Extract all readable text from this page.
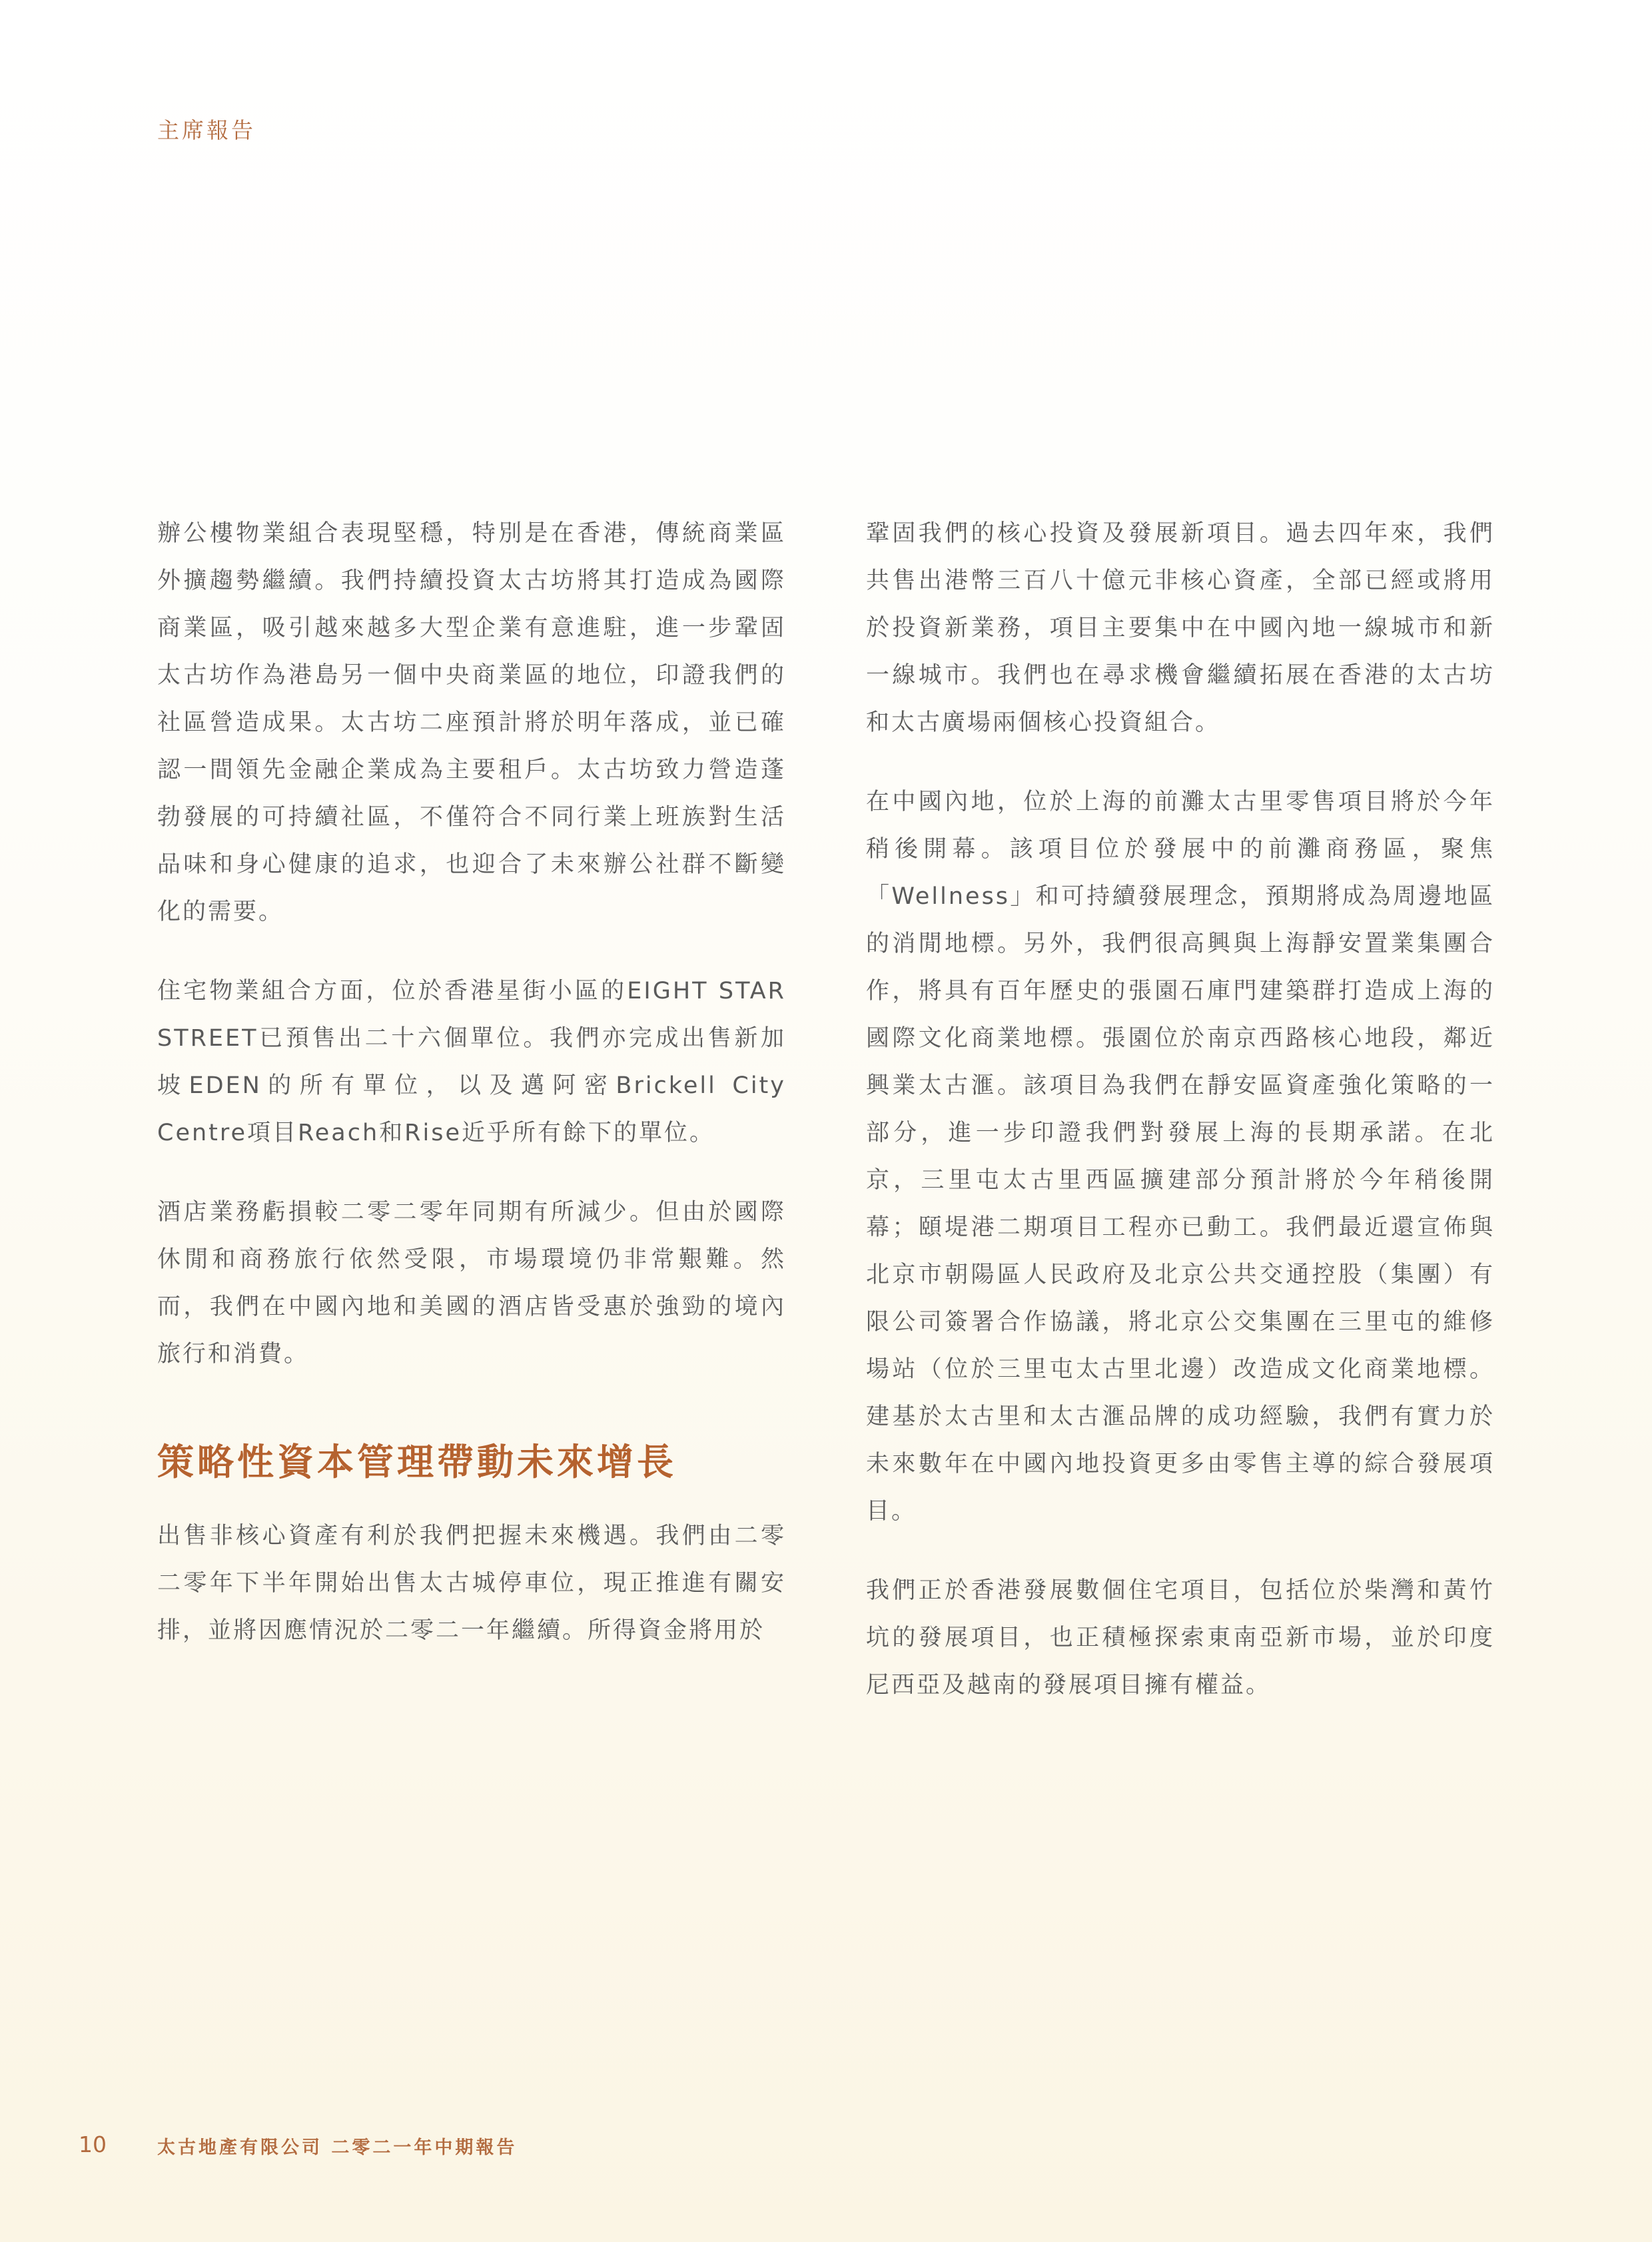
主席報告

辦公樓物業組合表現堅穩，特別是在香港，傳統商業區外擴趨勢繼續。我們持續投資太古坊將其打造成為國際商業區，吸引越來越多大型企業有意進駐，進一步鞏固太古坊作為港島另一個中央商業區的地位，印證我們的社區營造成果。太古坊二座預計將於明年落成，並已確認一間領先金融企業成為主要租戶。太古坊致力營造蓬勃發展的可持續社區，不僅符合不同行業上班族對生活品味和身心健康的追求，也迎合了未來辦公社群不斷變化的需要。

住宅物業組合方面，位於香港星街小區的EIGHT STAR STREET已預售出二十六個單位。我們亦完成出售新加坡EDEN的所有單位，以及邁阿密Brickell City Centre項目Reach和Rise近乎所有餘下的單位。

酒店業務虧損較二零二零年同期有所減少。但由於國際休閒和商務旅行依然受限，市場環境仍非常艱難。然而，我們在中國內地和美國的酒店皆受惠於強勁的境內旅行和消費。

策略性資本管理帶動未來增長

出售非核心資產有利於我們把握未來機遇。我們由二零二零年下半年開始出售太古城停車位，現正推進有關安排，並將因應情況於二零二一年繼續。所得資金將用於

鞏固我們的核心投資及發展新項目。過去四年來，我們共售出港幣三百八十億元非核心資產，全部已經或將用於投資新業務，項目主要集中在中國內地一線城市和新一線城市。我們也在尋求機會繼續拓展在香港的太古坊和太古廣場兩個核心投資組合。

在中國內地，位於上海的前灘太古里零售項目將於今年稍後開幕。該項目位於發展中的前灘商務區，聚焦「Wellness」和可持續發展理念，預期將成為周邊地區的消閒地標。另外，我們很高興與上海靜安置業集團合作，將具有百年歷史的張園石庫門建築群打造成上海的國際文化商業地標。張園位於南京西路核心地段，鄰近興業太古滙。該項目為我們在靜安區資產強化策略的一部分，進一步印證我們對發展上海的長期承諾。在北京，三里屯太古里西區擴建部分預計將於今年稍後開幕；頤堤港二期項目工程亦已動工。我們最近還宣佈與北京市朝陽區人民政府及北京公共交通控股（集團）有限公司簽署合作協議，將北京公交集團在三里屯的維修場站（位於三里屯太古里北邊）改造成文化商業地標。建基於太古里和太古滙品牌的成功經驗，我們有實力於未來數年在中國內地投資更多由零售主導的綜合發展項目。

我們正於香港發展數個住宅項目，包括位於柴灣和黃竹坑的發展項目，也正積極探索東南亞新市場，並於印度尼西亞及越南的發展項目擁有權益。

10	太古地產有限公司 二零二一年中期報告
